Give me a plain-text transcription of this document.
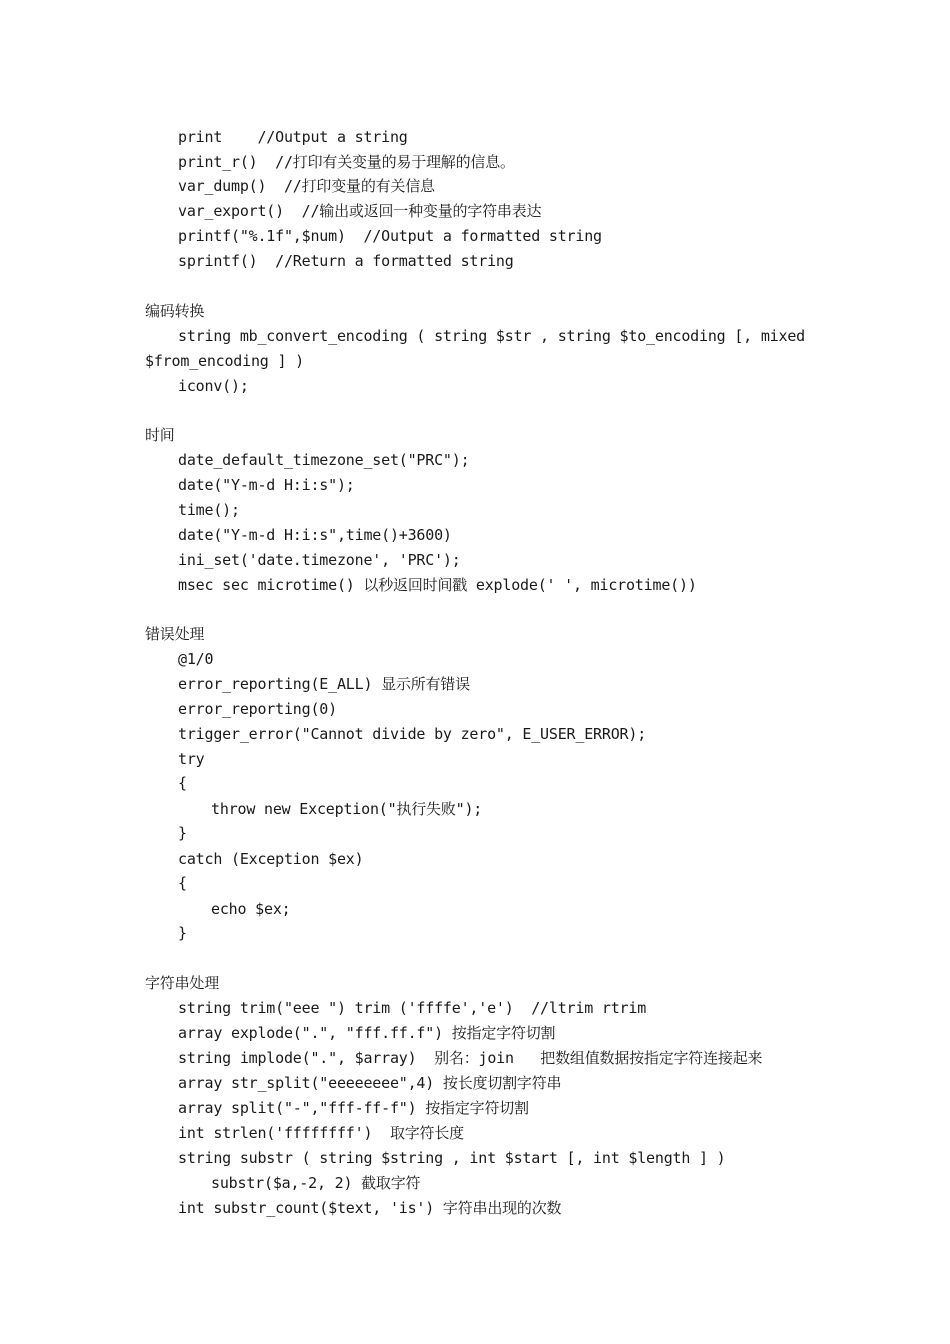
print    //Output a string
print_r()  //打印有关变量的易于理解的信息。
var_dump()  //打印变量的有关信息
var_export()  //输出或返回一种变量的字符串表达
printf("%.1f",$num)  //Output a formatted string
sprintf()  //Return a formatted string
编码转换
string mb_convert_encoding ( string $str , string $to_encoding [, mixed
$from_encoding ] )
iconv();
时间
date_default_timezone_set("PRC");
date("Y-m-d H:i:s");
time();
date("Y-m-d H:i:s",time()+3600)
ini_set('date.timezone', 'PRC');
msec sec microtime() 以秒返回时间戳 explode(' ', microtime())
错误处理
@1/0
error_reporting(E_ALL) 显示所有错误
error_reporting(0)
trigger_error("Cannot divide by zero", E_USER_ERROR);
try
{
throw new Exception("执行失败");
}
catch (Exception $ex)
{
echo $ex;
}
字符串处理
string trim("eee ") trim ('ffffe','e')  //ltrim rtrim
array explode(".", "fff.ff.f") 按指定字符切割
string implode(".", $array)  别名：join   把数组值数据按指定字符连接起来
array str_split("eeeeeeee",4) 按长度切割字符串
array split("-","fff-ff-f") 按指定字符切割
int strlen('ffffffff')  取字符长度
string substr ( string $string , int $start [, int $length ] )
substr($a,-2, 2) 截取字符
int substr_count($text, 'is') 字符串出现的次数
